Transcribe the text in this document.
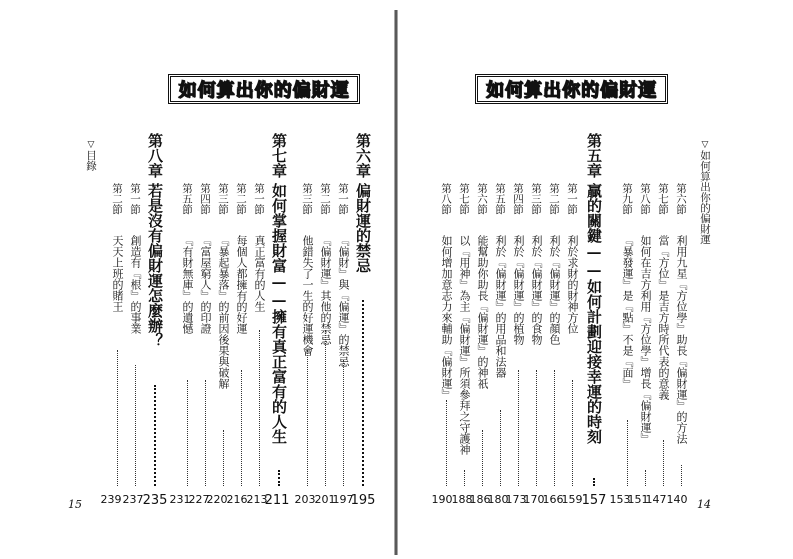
▽目錄
如何算出你的偏財運
第六章
偏財運的禁忌
195
第一節
『偏財』與『偏運』的禁忌
197
第二節
『偏財運』其他的禁忌
201
第三節
他錯失了一生的好運機會
203
第七章
如何掌握財富——擁有真正富有的人生
211
第一節
真正富有的人生
213
第二節
每個人都擁有的好運
216
第三節
『暴起暴落』的前因後果與破解
220
第四節
『富屋窮人』的印證
227
第五節
『有財無庫』的遺憾
231
第八章
若是沒有偏財運怎麼辦？
235
第一節
創造有『根』的事業
237
第二節
天天上班的賭王
239
15
▽如何算出你的偏財運
如何算出你的偏財運
第六節
利用九星『方位學』助長『偏財運』的方法
140
第七節
當『方位』是吉方時所代表的意義
147
第八節
如何在吉方利用『方位學』增長『偏財運』
151
第九節
『暴發運』是『點』不是『面』
153
第五章
贏的關鍵——如何計劃迎接幸運的時刻
157
第一節
利於求財的財神方位
159
第二節
利於『偏財運』的顏色
166
第三節
利於『偏財運』的食物
170
第四節
利於『偏財運』的植物
173
第五節
利於『偏財運』的用品和法器
180
第六節
能幫助你助長『偏財運』的神祇
186
第七節
以『用神』為主『偏財運』所須參拜之守護神
188
第八節
如何增加意志力來輔助『偏財運』
190	14
